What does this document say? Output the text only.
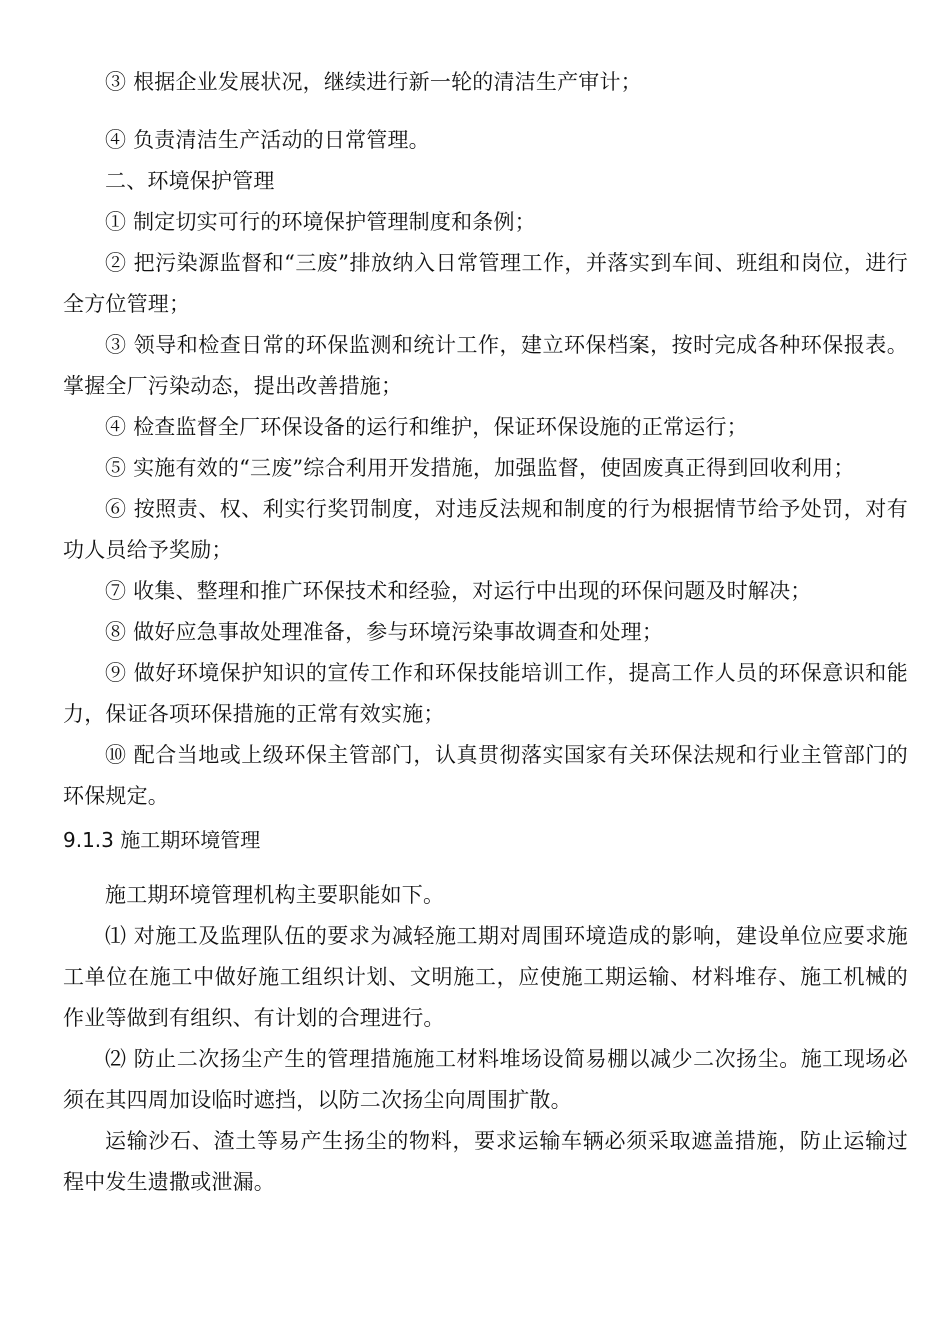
③ 根据企业发展状况，继续进行新一轮的清洁生产审计；

④ 负责清洁生产活动的日常管理。

二、环境保护管理

① 制定切实可行的环境保护管理制度和条例；

② 把污染源监督和“三废”排放纳入日常管理工作，并落实到车间、班组和岗位，进行全方位管理；

③ 领导和检查日常的环保监测和统计工作，建立环保档案，按时完成各种环保报表。掌握全厂污染动态，提出改善措施；

④ 检查监督全厂环保设备的运行和维护，保证环保设施的正常运行；

⑤ 实施有效的“三废”综合利用开发措施，加强监督，使固废真正得到回收利用；

⑥ 按照责、权、利实行奖罚制度，对违反法规和制度的行为根据情节给予处罚，对有功人员给予奖励；

⑦ 收集、整理和推广环保技术和经验，对运行中出现的环保问题及时解决；

⑧ 做好应急事故处理准备，参与环境污染事故调查和处理；

⑨ 做好环境保护知识的宣传工作和环保技能培训工作，提高工作人员的环保意识和能力，保证各项环保措施的正常有效实施；

⑩ 配合当地或上级环保主管部门，认真贯彻落实国家有关环保法规和行业主管部门的环保规定。

9.1.3 施工期环境管理

施工期环境管理机构主要职能如下。

⑴ 对施工及监理队伍的要求为减轻施工期对周围环境造成的影响，建设单位应要求施工单位在施工中做好施工组织计划、文明施工，应使施工期运输、材料堆存、施工机械的作业等做到有组织、有计划的合理进行。

⑵ 防止二次扬尘产生的管理措施施工材料堆场设简易棚以减少二次扬尘。施工现场必须在其四周加设临时遮挡，以防二次扬尘向周围扩散。

运输沙石、渣土等易产生扬尘的物料，要求运输车辆必须采取遮盖措施，防止运输过程中发生遗撒或泄漏。
